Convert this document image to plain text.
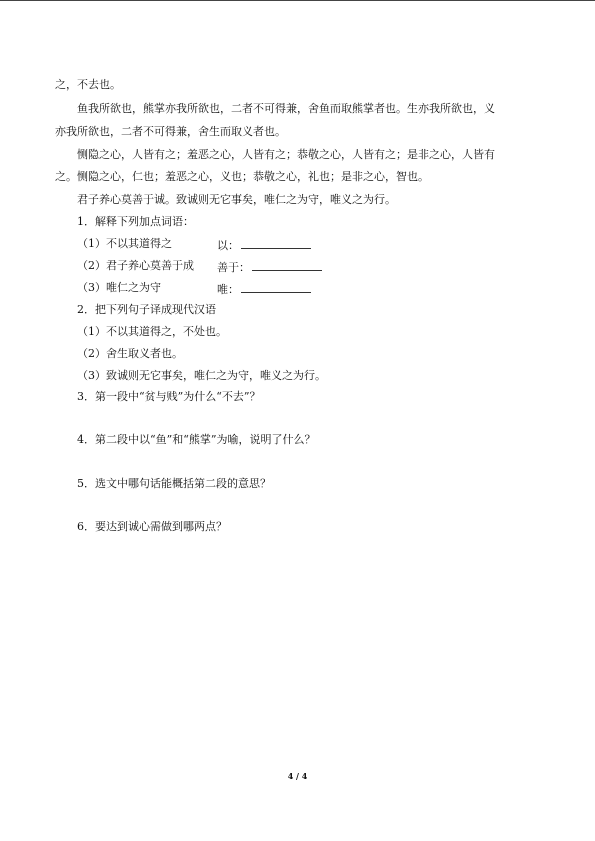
之，不去也。
鱼我所欲也，熊掌亦我所欲也，二者不可得兼，舍鱼而取熊掌者也。生亦我所欲也，义
亦我所欲也，二者不可得兼，舍生而取义者也。
恻隐之心，人皆有之；羞恶之心，人皆有之；恭敬之心，人皆有之；是非之心，人皆有
之。恻隐之心，仁也；羞恶之心，义也；恭敬之心，礼也；是非之心，智也。
君子养心莫善于诚。致诚则无它事矣，唯仁之为守，唯义之为行。
1．解释下列加点词语：
（1）不以其道得之	以：
（2）君子养心莫善于成 善于：
（3）唯仁之为守	唯：
2．把下列句子译成现代汉语
（1）不以其道得之，不处也。
（2）舍生取义者也。
（3）致诚则无它事矣，唯仁之为守，唯义之为行。
3．第一段中“贫与贱”为什么“不去”？
4．第二段中以“鱼”和“熊掌”为喻，说明了什么？
5．选文中哪句话能概括第二段的意思？
6．要达到诚心需做到哪两点？
4 / 4
